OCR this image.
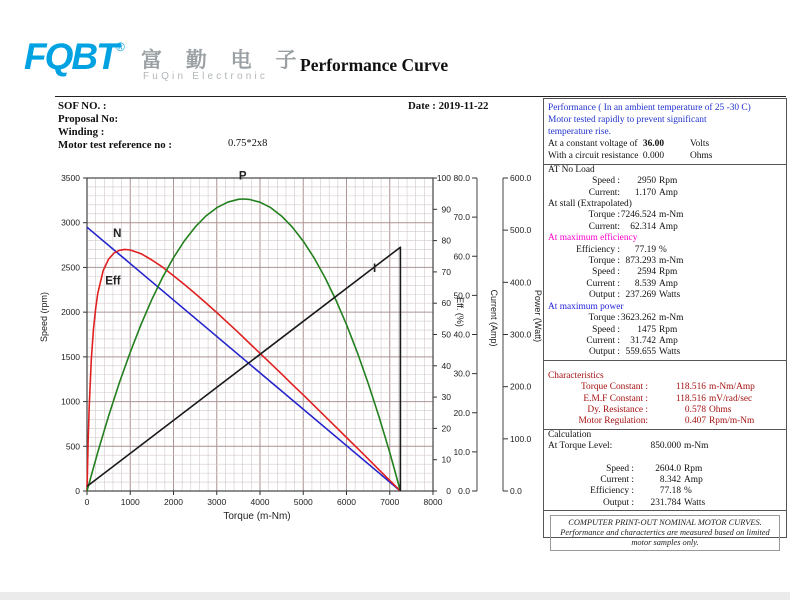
FQBT ®
富 勤 电 子
FuQin Electronic
Performance Curve
SOF NO. :
Proposal No:
Winding :
Motor test reference no :	0.75*2x8
Date : 2019-11-22
0	1000	2000	3000	4000	5000	6000	7000	8000
Torque (m-Nm)
0
500
1000
1500
2000
2500
3000
3500
Speed (rpm)
0
10
20
30
40
50
60
70
80
90
100
Eff. (%)
0.0
10.0
20.0
30.0
40.0
50.0
60.0
70.0
80.0
Current (Amp)
0.0
100.0
200.0
300.0
400.0
500.0
600.0
Power (Watt)
N
Eff
P
I
Performance ( In an ambient temperature of 25 -30 C)
Motor tested rapidly to prevent significant
temperature rise.
At a constant voltage of 36.00	Volts
With a circuit resistance 0.000	Ohms
AT No Load
Speed :	2950 Rpm
Current:	1.170 Amp
At stall (Extrapolated)
Torque : 7246.524 m-Nm
Current:	62.314 Amp
At maximum efficiency
Efficiency :	77.19 %
Torque : 873.293 m-Nm
Speed :	2594 Rpm
Current :	8.539 Amp
Output : 237.269 Watts
At maximum power
Torque : 3623.262 m-Nm
Speed :	1475 Rpm
Current :	31.742 Amp
Output : 559.655 Watts
Characteristics
Torque Constant :	118.516 m-Nm/Amp
E.M.F Constant :	118.516 mV/rad/sec
Dy. Resistance :	0.578 Ohms
Motor Regulation:	0.407 Rpm/m-Nm
Calculation
At Torque Level:	850.000 m-Nm
Speed :	2604.0 Rpm
Current :	8.342 Amp
Efficiency :	77.18 %
Output :	231.784 Watts
COMPUTER PRINT-OUT NOMINAL MOTOR CURVES.
Performance and charactertics are measured based on limited
motor samples only.
